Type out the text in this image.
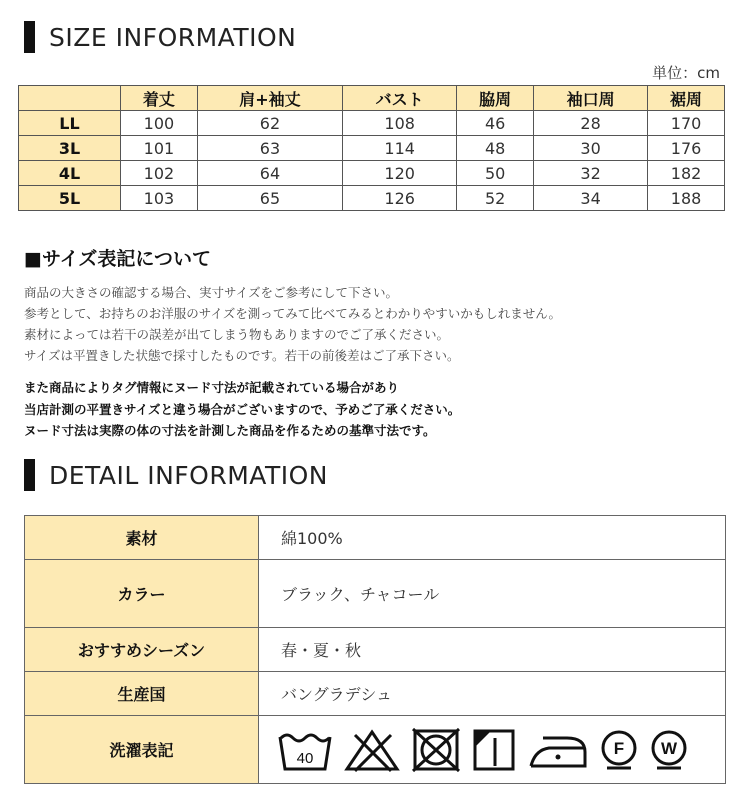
SIZE INFORMATION
単位：cm
	着丈	肩+袖丈	バスト	脇周	袖口周	裾周
LL	100	62	108	46	28	170
3L	101	63	114	48	30	176
4L	102	64	120	50	32	182
5L	103	65	126	52	34	188
■サイズ表記について
商品の大きさの確認する場合、実寸サイズをご参考にして下さい。
参考として、お持ちのお洋服のサイズを測ってみて比べてみるとわかりやすいかもしれません。
素材によっては若干の誤差が出てしまう物もありますのでご了承ください。
サイズは平置きした状態で採寸したものです。若干の前後差はご了承下さい。
また商品によりタグ情報にヌード寸法が記載されている場合があり
当店計測の平置きサイズと違う場合がございますので、予めご了承ください。
ヌード寸法は実際の体の寸法を計測した商品を作るための基準寸法です。
DETAIL INFORMATION
素材	綿100%
カラー	ブラック、チャコール
おすすめシーズン	春・夏・秋
生産国	バングラデシュ
洗濯表記	40
F W
